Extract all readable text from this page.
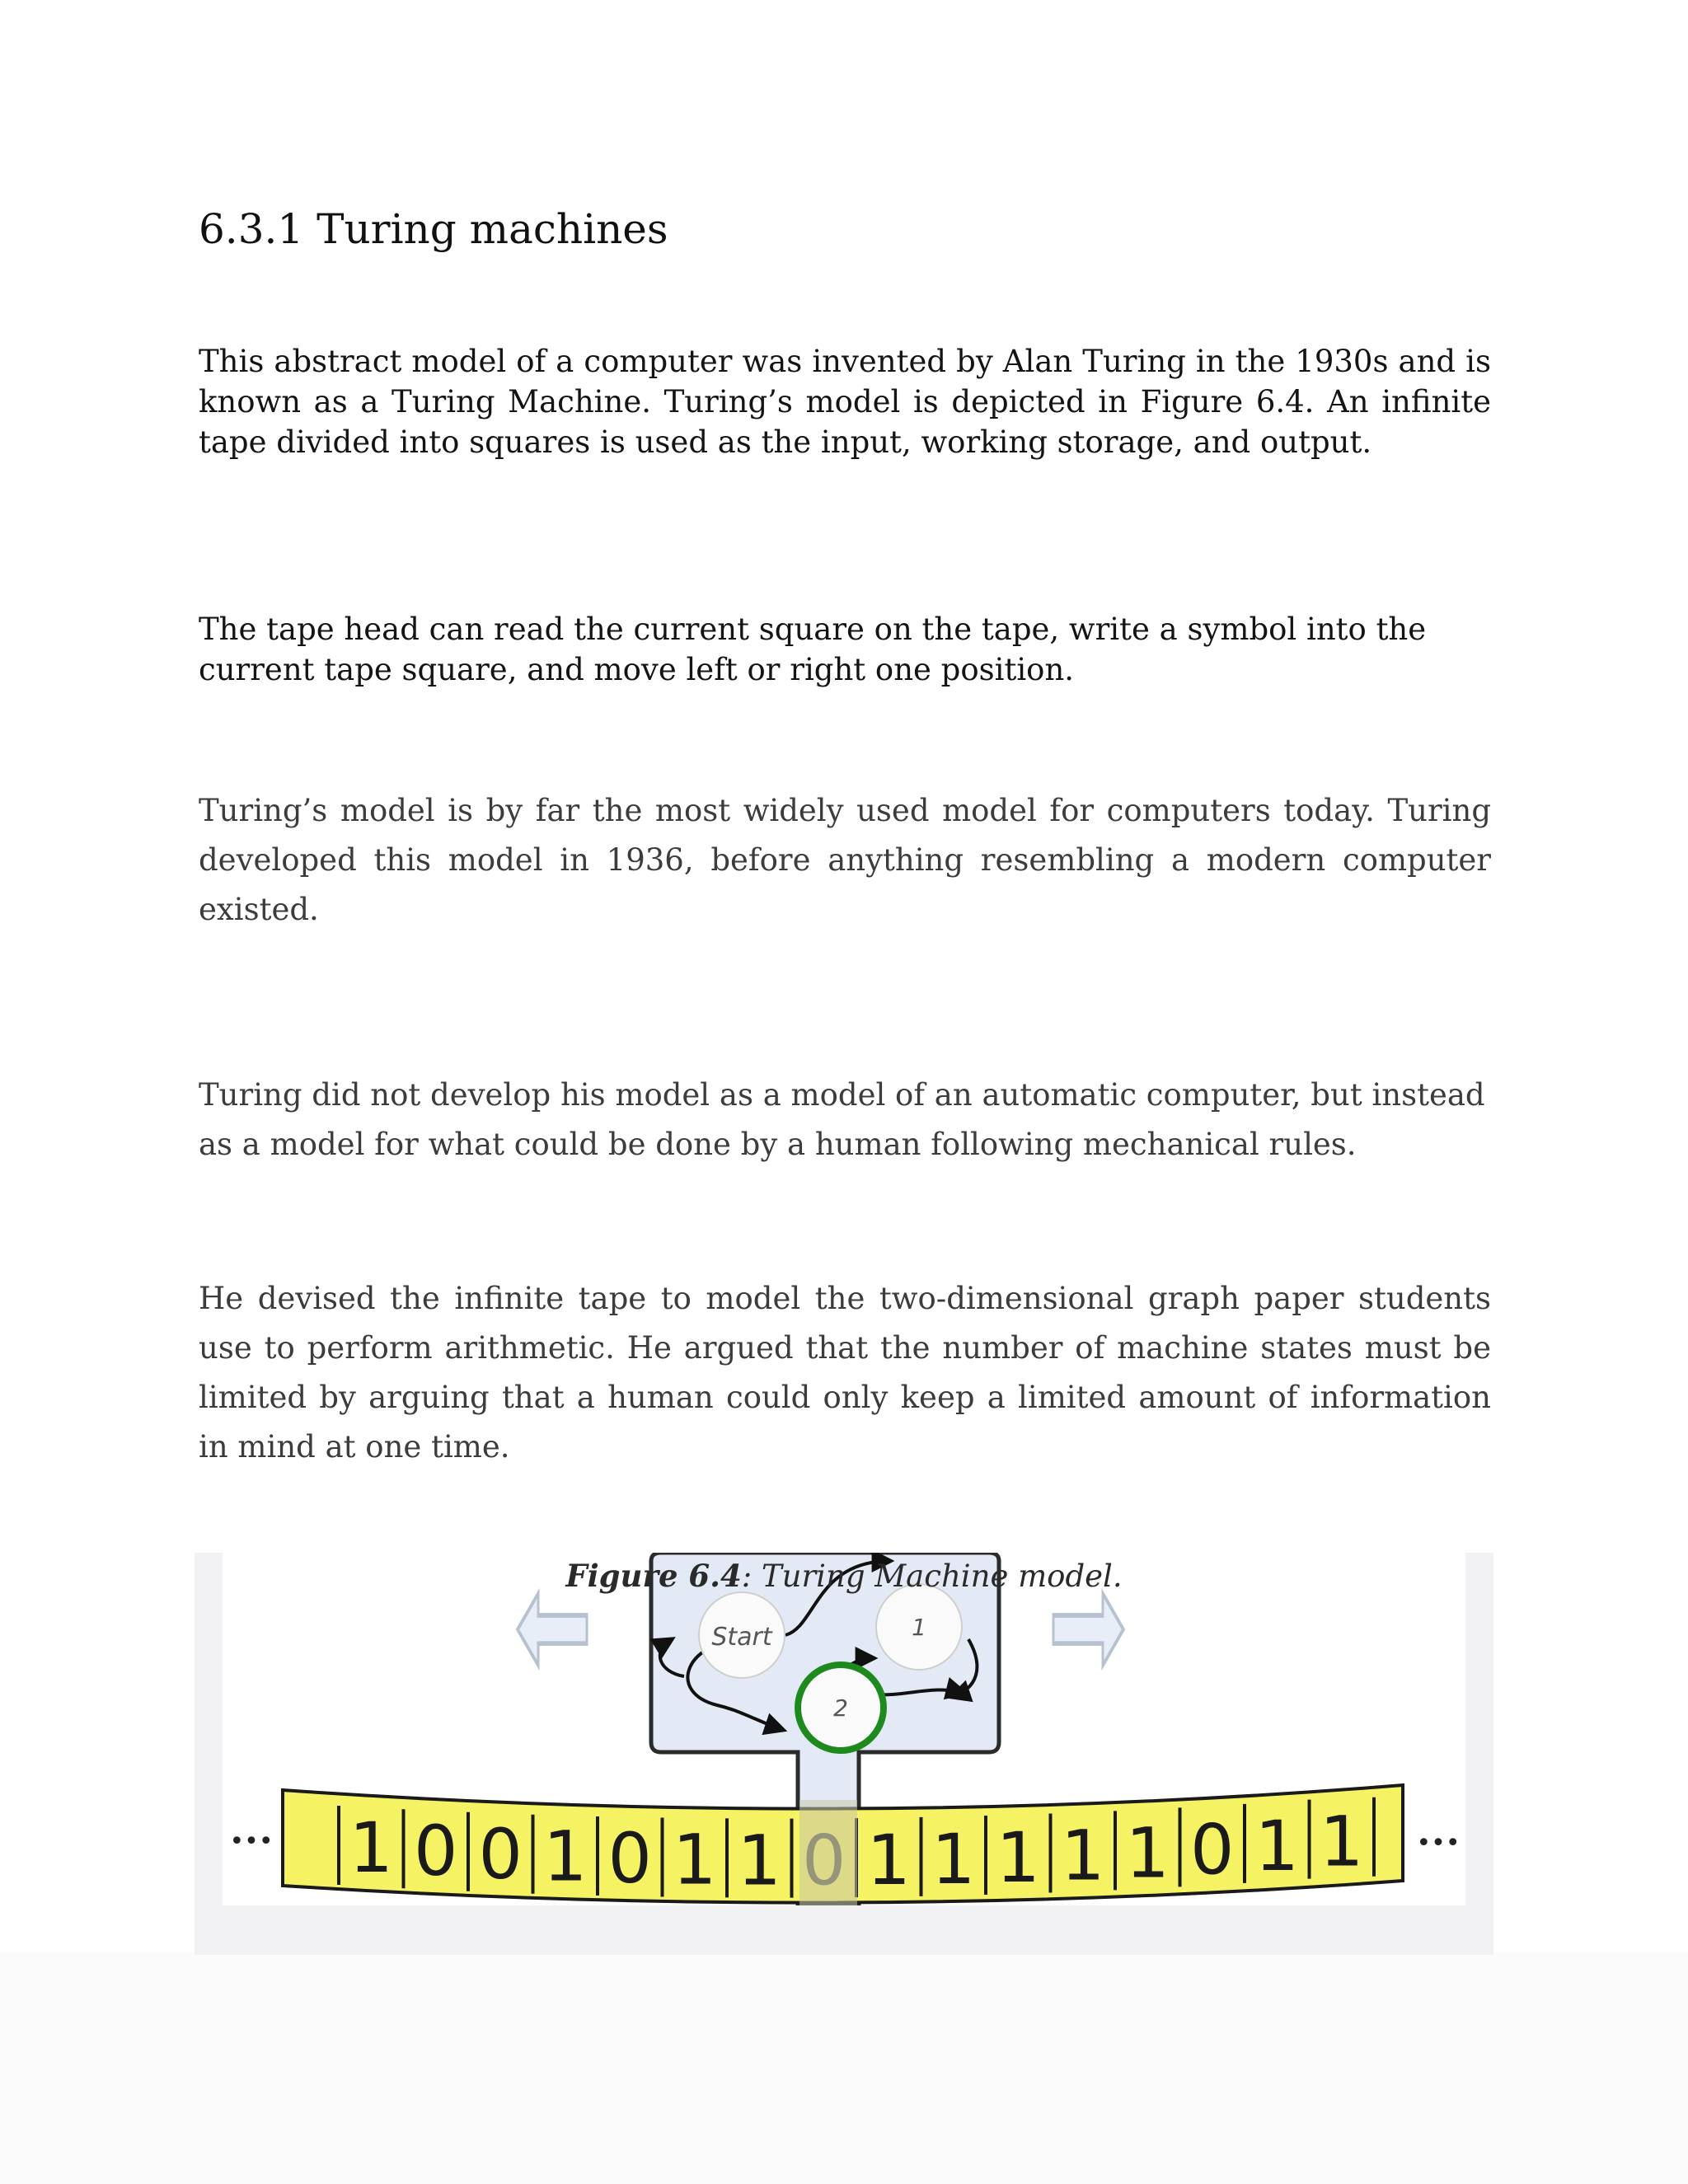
6.3.1 Turing machines

This abstract model of a computer was invented by Alan Turing in the 1930s and is known as a Turing Machine. Turing’s model is depicted in Figure 6.4. An infinite tape divided into squares is used as the input, working storage, and output.

The tape head can read the current square on the tape, write a symbol into the current tape square, and move left or right one position.

Turing’s model is by far the most widely used model for computers today. Turing developed this model in 1936, before anything resembling a modern computer existed.

Turing did not develop his model as a model of an automatic computer, but instead as a model for what could be done by a human following mechanical rules.

He devised the infinite tape to model the two-dimensional graph paper students use to perform arithmetic. He argued that the number of machine states must be limited by arguing that a human could only keep a limited amount of information in mind at one time.

Start	1
2
1 0 0 1 0 1 1 1 1 1 1 1 0 1 1
•••	•••
Figure 6.4: Turing Machine model.
